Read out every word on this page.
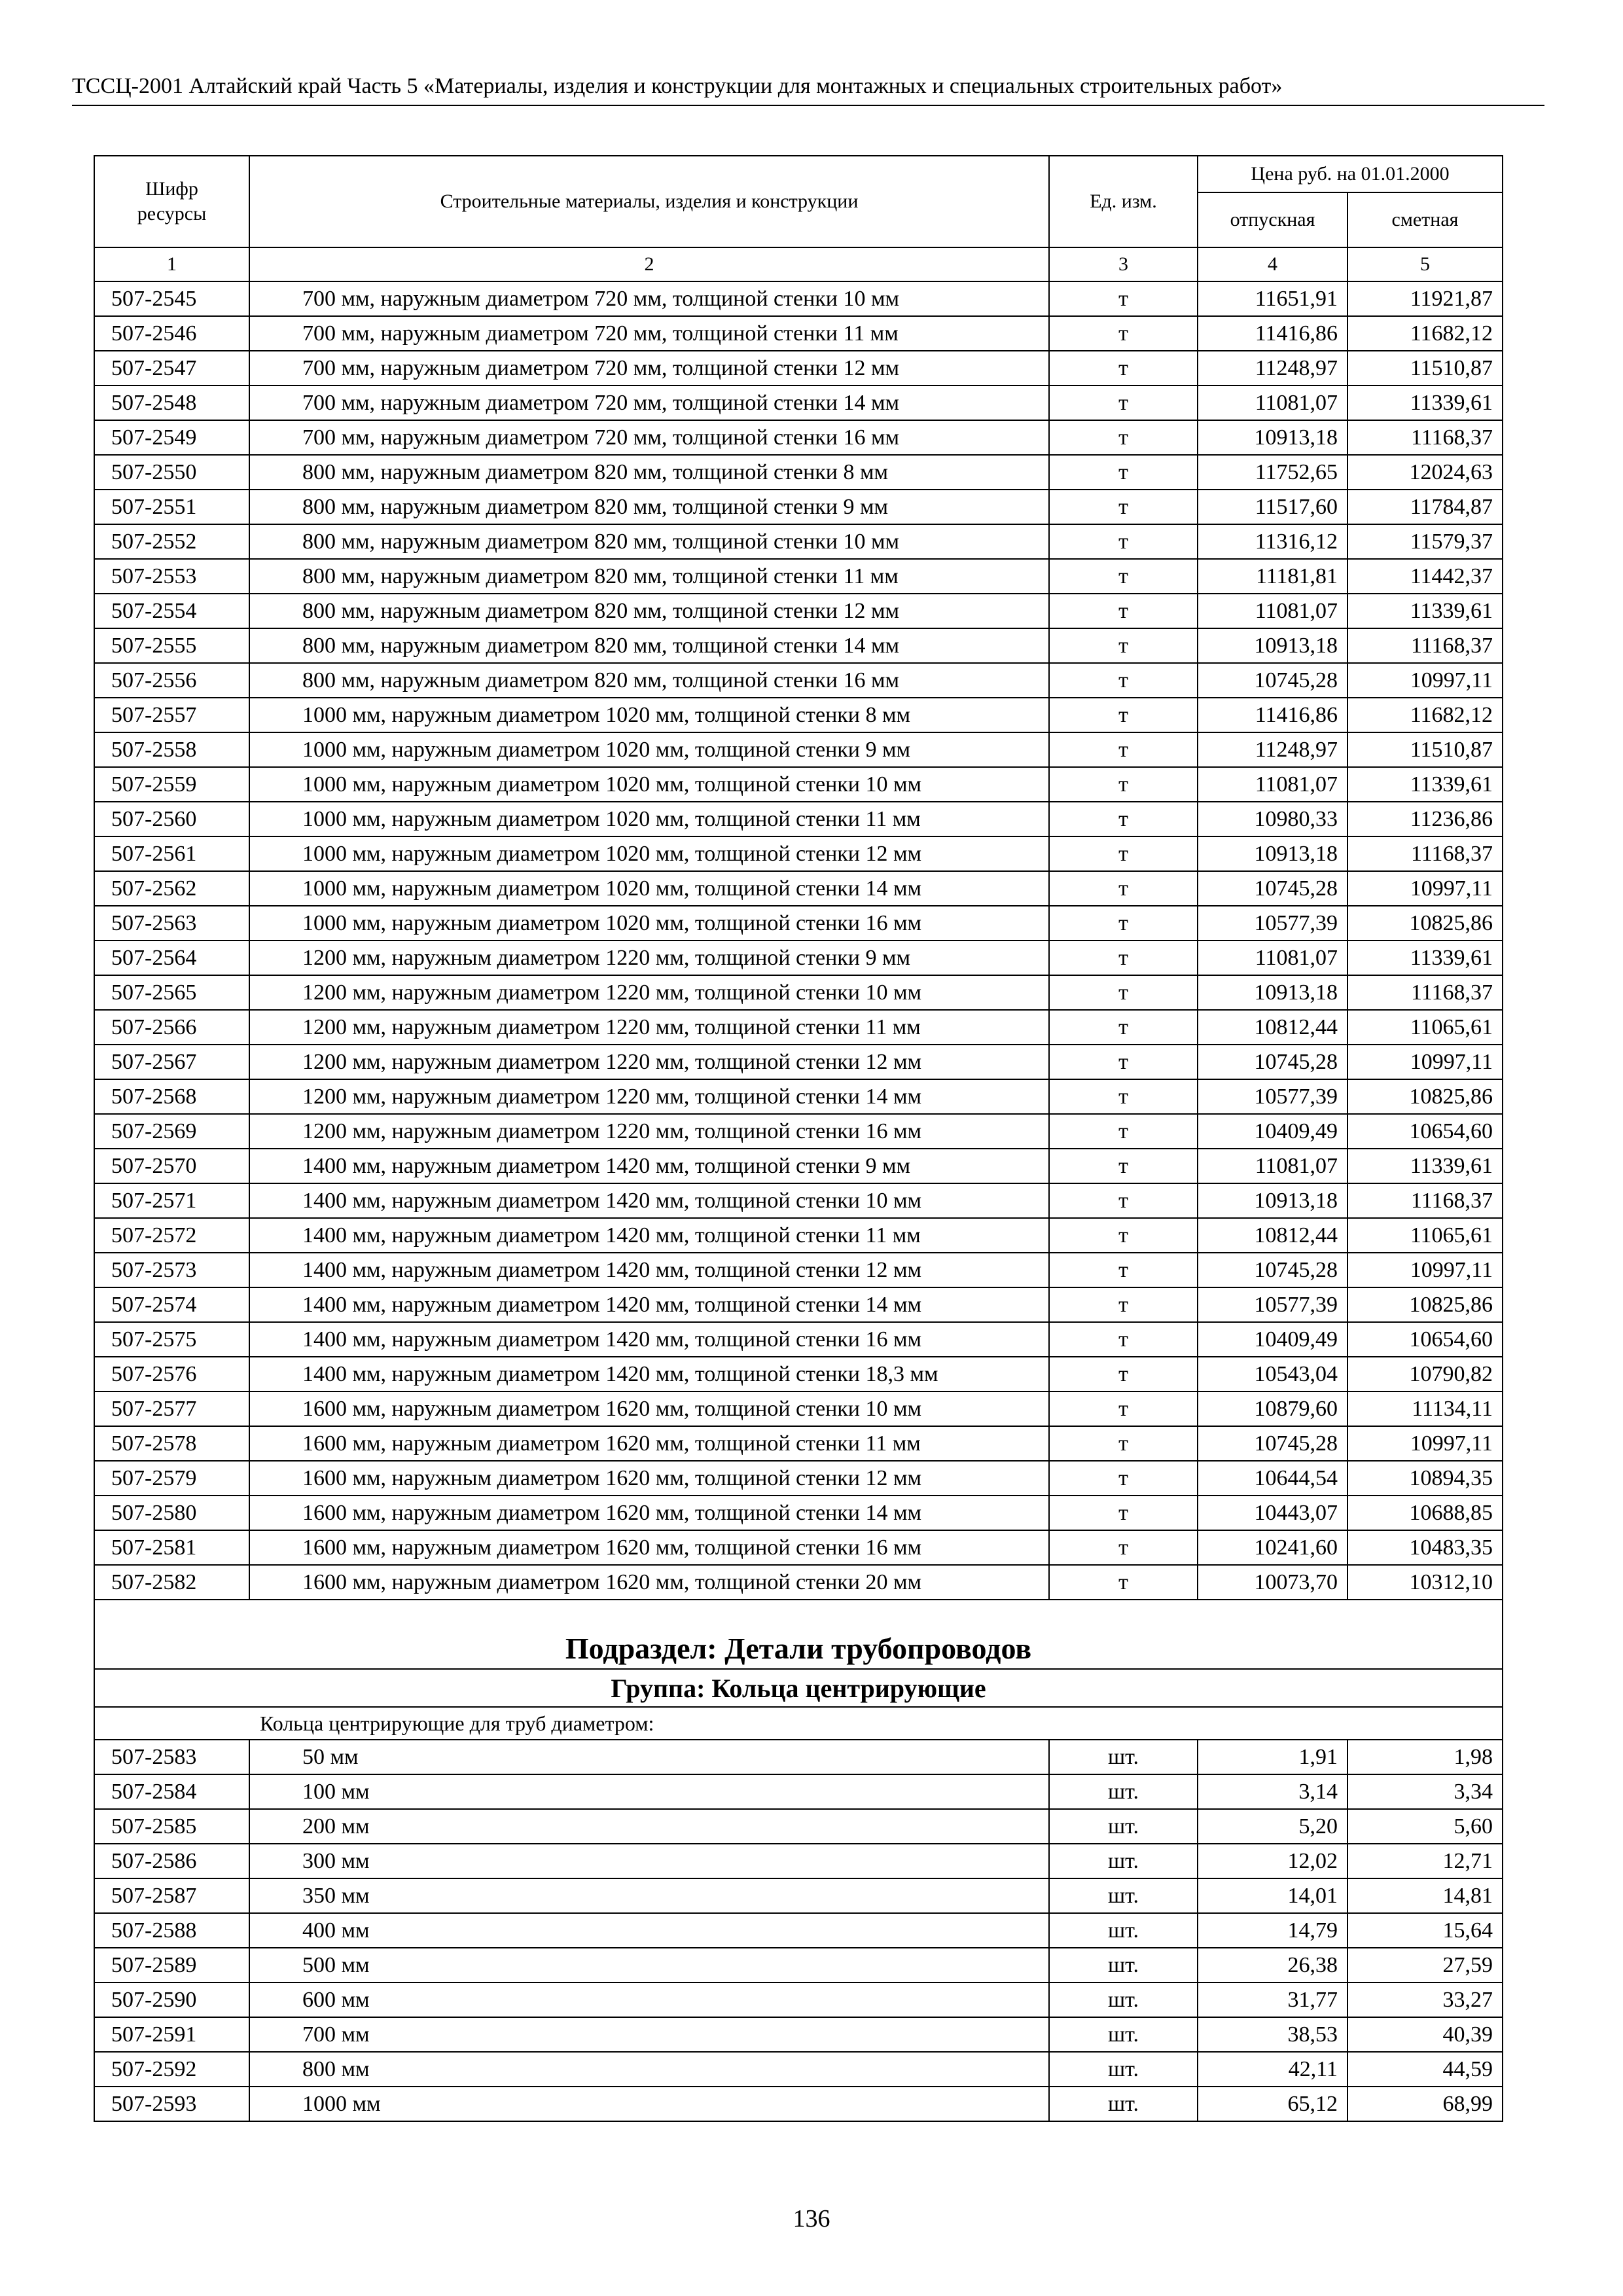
ТССЦ-2001 Алтайский край Часть 5 «Материалы, изделия и конструкции для монтажных и специальных строительных работ»
Шифр ресурсы	Строительные материалы, изделия и конструкции	Ед. изм.	Цена руб. на 01.01.2000	
			отпускная	сметная
1	2	3	4	5
507-2545	700 мм, наружным диаметром 720 мм, толщиной стенки 10 мм	т	11651,91	11921,87
507-2546	700 мм, наружным диаметром 720 мм, толщиной стенки 11 мм	т	11416,86	11682,12
507-2547	700 мм, наружным диаметром 720 мм, толщиной стенки 12 мм	т	11248,97	11510,87
507-2548	700 мм, наружным диаметром 720 мм, толщиной стенки 14 мм	т	11081,07	11339,61
507-2549	700 мм, наружным диаметром 720 мм, толщиной стенки 16 мм	т	10913,18	11168,37
507-2550	800 мм, наружным диаметром 820 мм, толщиной стенки 8 мм	т	11752,65	12024,63
507-2551	800 мм, наружным диаметром 820 мм, толщиной стенки 9 мм	т	11517,60	11784,87
507-2552	800 мм, наружным диаметром 820 мм, толщиной стенки 10 мм	т	11316,12	11579,37
507-2553	800 мм, наружным диаметром 820 мм, толщиной стенки 11 мм	т	11181,81	11442,37
507-2554	800 мм, наружным диаметром 820 мм, толщиной стенки 12 мм	т	11081,07	11339,61
507-2555	800 мм, наружным диаметром 820 мм, толщиной стенки 14 мм	т	10913,18	11168,37
507-2556	800 мм, наружным диаметром 820 мм, толщиной стенки 16 мм	т	10745,28	10997,11
507-2557	1000 мм, наружным диаметром 1020 мм, толщиной стенки 8 мм	т	11416,86	11682,12
507-2558	1000 мм, наружным диаметром 1020 мм, толщиной стенки 9 мм	т	11248,97	11510,87
507-2559	1000 мм, наружным диаметром 1020 мм, толщиной стенки 10 мм	т	11081,07	11339,61
507-2560	1000 мм, наружным диаметром 1020 мм, толщиной стенки 11 мм	т	10980,33	11236,86
507-2561	1000 мм, наружным диаметром 1020 мм, толщиной стенки 12 мм	т	10913,18	11168,37
507-2562	1000 мм, наружным диаметром 1020 мм, толщиной стенки 14 мм	т	10745,28	10997,11
507-2563	1000 мм, наружным диаметром 1020 мм, толщиной стенки 16 мм	т	10577,39	10825,86
507-2564	1200 мм, наружным диаметром 1220 мм, толщиной стенки 9 мм	т	11081,07	11339,61
507-2565	1200 мм, наружным диаметром 1220 мм, толщиной стенки 10 мм	т	10913,18	11168,37
507-2566	1200 мм, наружным диаметром 1220 мм, толщиной стенки 11 мм	т	10812,44	11065,61
507-2567	1200 мм, наружным диаметром 1220 мм, толщиной стенки 12 мм	т	10745,28	10997,11
507-2568	1200 мм, наружным диаметром 1220 мм, толщиной стенки 14 мм	т	10577,39	10825,86
507-2569	1200 мм, наружным диаметром 1220 мм, толщиной стенки 16 мм	т	10409,49	10654,60
507-2570	1400 мм, наружным диаметром 1420 мм, толщиной стенки 9 мм	т	11081,07	11339,61
507-2571	1400 мм, наружным диаметром 1420 мм, толщиной стенки 10 мм	т	10913,18	11168,37
507-2572	1400 мм, наружным диаметром 1420 мм, толщиной стенки 11 мм	т	10812,44	11065,61
507-2573	1400 мм, наружным диаметром 1420 мм, толщиной стенки 12 мм	т	10745,28	10997,11
507-2574	1400 мм, наружным диаметром 1420 мм, толщиной стенки 14 мм	т	10577,39	10825,86
507-2575	1400 мм, наружным диаметром 1420 мм, толщиной стенки 16 мм	т	10409,49	10654,60
507-2576	1400 мм, наружным диаметром 1420 мм, толщиной стенки 18,3 мм	т	10543,04	10790,82
507-2577	1600 мм, наружным диаметром 1620 мм, толщиной стенки 10 мм	т	10879,60	11134,11
507-2578	1600 мм, наружным диаметром 1620 мм, толщиной стенки 11 мм	т	10745,28	10997,11
507-2579	1600 мм, наружным диаметром 1620 мм, толщиной стенки 12 мм	т	10644,54	10894,35
507-2580	1600 мм, наружным диаметром 1620 мм, толщиной стенки 14 мм	т	10443,07	10688,85
507-2581	1600 мм, наружным диаметром 1620 мм, толщиной стенки 16 мм	т	10241,60	10483,35
507-2582	1600 мм, наружным диаметром 1620 мм, толщиной стенки 20 мм	т	10073,70	10312,10
Подраздел: Детали трубопроводов				
Группа: Кольца центрирующие				
Кольца центрирующие для труб диаметром:				
507-2583	50 мм	шт.	1,91	1,98
507-2584	100 мм	шт.	3,14	3,34
507-2585	200 мм	шт.	5,20	5,60
507-2586	300 мм	шт.	12,02	12,71
507-2587	350 мм	шт.	14,01	14,81
507-2588	400 мм	шт.	14,79	15,64
507-2589	500 мм	шт.	26,38	27,59
507-2590	600 мм	шт.	31,77	33,27
507-2591	700 мм	шт.	38,53	40,39
507-2592	800 мм	шт.	42,11	44,59
507-2593	1000 мм	шт.	65,12	68,99
136
